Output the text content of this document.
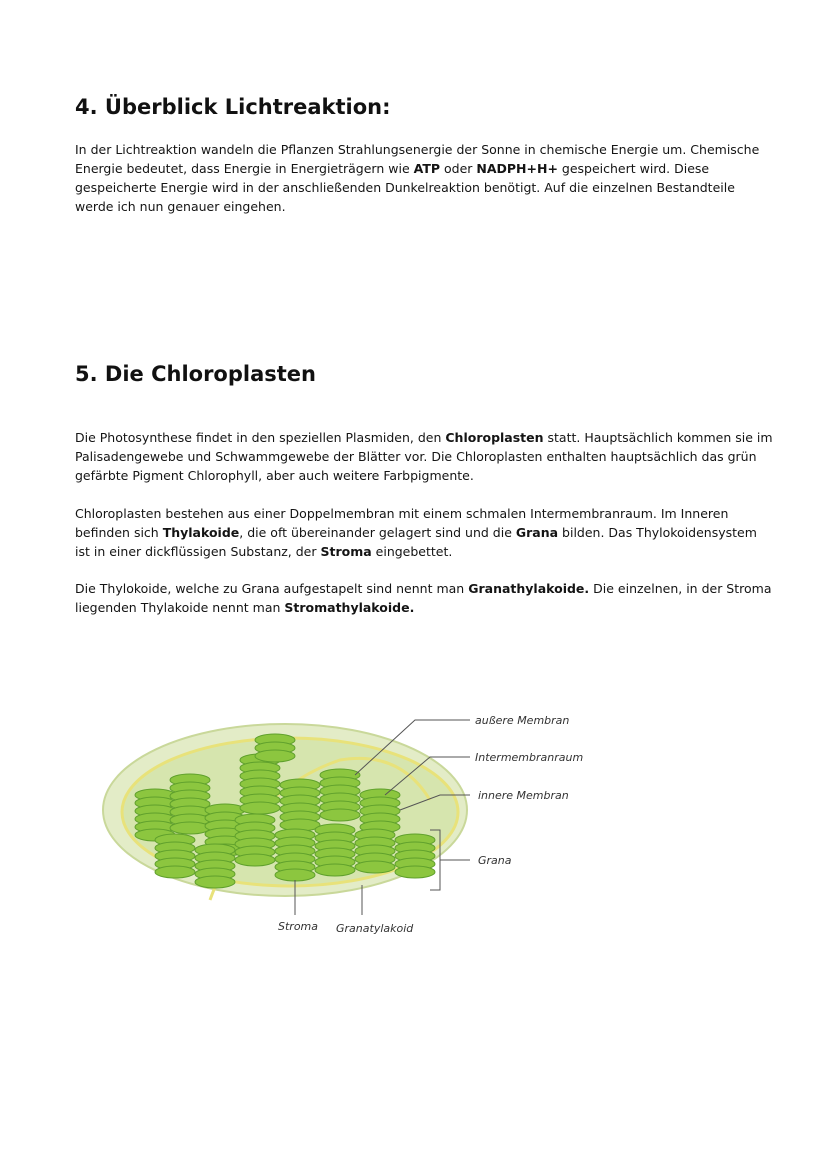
4. Überblick Lichtreaktion:

In der Lichtreaktion wandeln die Pflanzen Strahlungsenergie der Sonne in chemische Energie um. Chemische Energie bedeutet, dass Energie in Energieträgern wie ATP oder NADPH+H+ gespeichert wird. Diese gespeicherte Energie wird in der anschließenden Dunkelreaktion benötigt. Auf die einzelnen Bestandteile werde ich nun genauer eingehen.

5. Die Chloroplasten

Die Photosynthese findet in den speziellen Plasmiden, den Chloroplasten statt. Hauptsächlich kommen sie im Palisadengewebe und Schwammgewebe der Blätter vor. Die Chloroplasten enthalten hauptsächlich das grün gefärbte Pigment Chlorophyll, aber auch weitere Farbpigmente.

Chloroplasten bestehen aus einer Doppelmembran mit einem schmalen Intermembranraum. Im Inneren befinden sich Thylakoide, die oft übereinander gelagert sind und die Grana bilden. Das Thylokoidensystem ist in einer dickflüssigen Substanz, der Stroma eingebettet.

Die Thylokoide, welche zu Grana aufgestapelt sind nennt man Granathylakoide. Die einzelnen, in der Stroma liegenden Thylakoide nennt man Stromathylakoide.

außere Membran
Intermembranraum
innere Membran
Grana
Stroma Granatylakoid
